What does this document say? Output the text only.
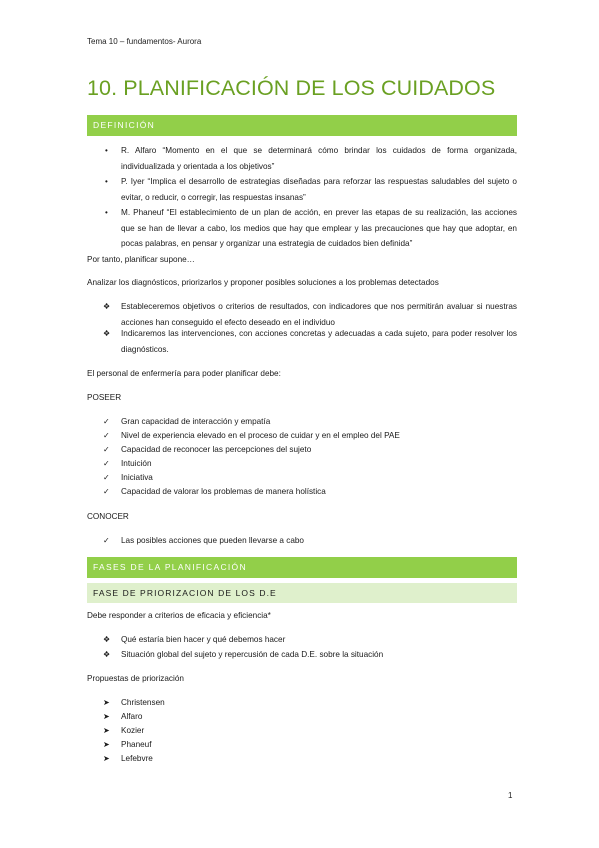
Tema 10 – fundamentos- Aurora
10. PLANIFICACIÓN DE LOS CUIDADOS
DEFINICIÓN
•	R. Alfaro “Momento en el que se determinará cómo brindar los cuidados de forma organizada, individualizada y orientada a los objetivos”
•	P. Iyer “Implica el desarrollo de estrategias diseñadas para reforzar las respuestas saludables del sujeto o evitar, o reducir, o corregir, las respuestas insanas”
•	M. Phaneuf “El establecimiento de un plan de acción, en prever las etapas de su realización, las acciones que se han de llevar a cabo, los medios que hay que emplear y las precauciones que hay que adoptar, en pocas palabras, en pensar y organizar una estrategia de cuidados bien definida”
Por tanto, planificar supone…
Analizar los diagnósticos, priorizarlos y proponer posibles soluciones a los problemas detectados
❖	Estableceremos objetivos o criterios de resultados, con indicadores que nos permitirán avaluar si nuestras acciones han conseguido el efecto deseado en el individuo
❖	Indicaremos las intervenciones, con acciones concretas y adecuadas a cada sujeto, para poder resolver los diagnósticos.
El personal de enfermería para poder planificar debe:
POSEER
✓	Gran capacidad de interacción y empatía
✓	Nivel de experiencia elevado en el proceso de cuidar y en el empleo del PAE
✓	Capacidad de reconocer las percepciones del sujeto
✓	Intuición
✓	Iniciativa
✓	Capacidad de valorar los problemas de manera holística
CONOCER
✓	Las posibles acciones que pueden llevarse a cabo
FASES DE LA PLANIFICACIÓN
FASE DE PRIORIZACION DE LOS D.E
Debe responder a criterios de eficacia y eficiencia*
❖	Qué estaría bien hacer y qué debemos hacer
❖	Situación global del sujeto y repercusión de cada D.E. sobre la situación
Propuestas de priorización
➤	Christensen
➤	Alfaro
➤	Kozier
➤	Phaneuf
➤	Lefebvre
1
